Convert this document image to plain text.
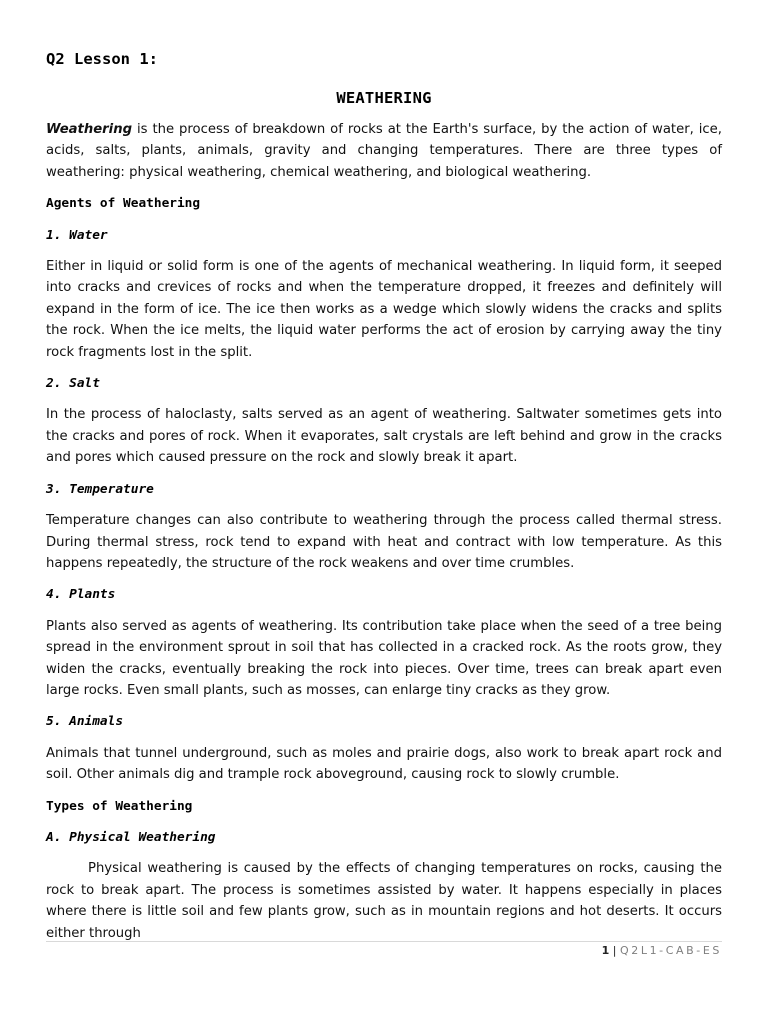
Q2 Lesson 1:
WEATHERING

Weathering is the process of breakdown of rocks at the Earth's surface, by the action of water, ice, acids, salts, plants, animals, gravity and changing temperatures. There are three types of weathering: physical weathering, chemical weathering, and biological weathering.

Agents of Weathering
1. Water

Either in liquid or solid form is one of the agents of mechanical weathering. In liquid form, it seeped into cracks and crevices of rocks and when the temperature dropped, it freezes and definitely will expand in the form of ice. The ice then works as a wedge which slowly widens the cracks and splits the rock. When the ice melts, the liquid water performs the act of erosion by carrying away the tiny rock fragments lost in the split.

2. Salt

In the process of haloclasty, salts served as an agent of weathering. Saltwater sometimes gets into the cracks and pores of rock. When it evaporates, salt crystals are left behind and grow in the cracks and pores which caused pressure on the rock and slowly break it apart.

3. Temperature

Temperature changes can also contribute to weathering through the process called thermal stress. During thermal stress, rock tend to expand with heat and contract with low temperature. As this happens repeatedly, the structure of the rock weakens and over time crumbles.

4. Plants

Plants also served as agents of weathering. Its contribution take place when the seed of a tree being spread in the environment sprout in soil that has collected in a cracked rock. As the roots grow, they widen the cracks, eventually breaking the rock into pieces. Over time, trees can break apart even large rocks. Even small plants, such as mosses, can enlarge tiny cracks as they grow.

5. Animals

Animals that tunnel underground, such as moles and prairie dogs, also work to break apart rock and soil. Other animals dig and trample rock aboveground, causing rock to slowly crumble.

Types of Weathering
A. Physical Weathering

Physical weathering is caused by the effects of changing temperatures on rocks, causing the rock to break apart. The process is sometimes assisted by water. It happens especially in places where there is little soil and few plants grow, such as in mountain regions and hot deserts. It occurs either through

1 | Q2L1-CAB-ES
